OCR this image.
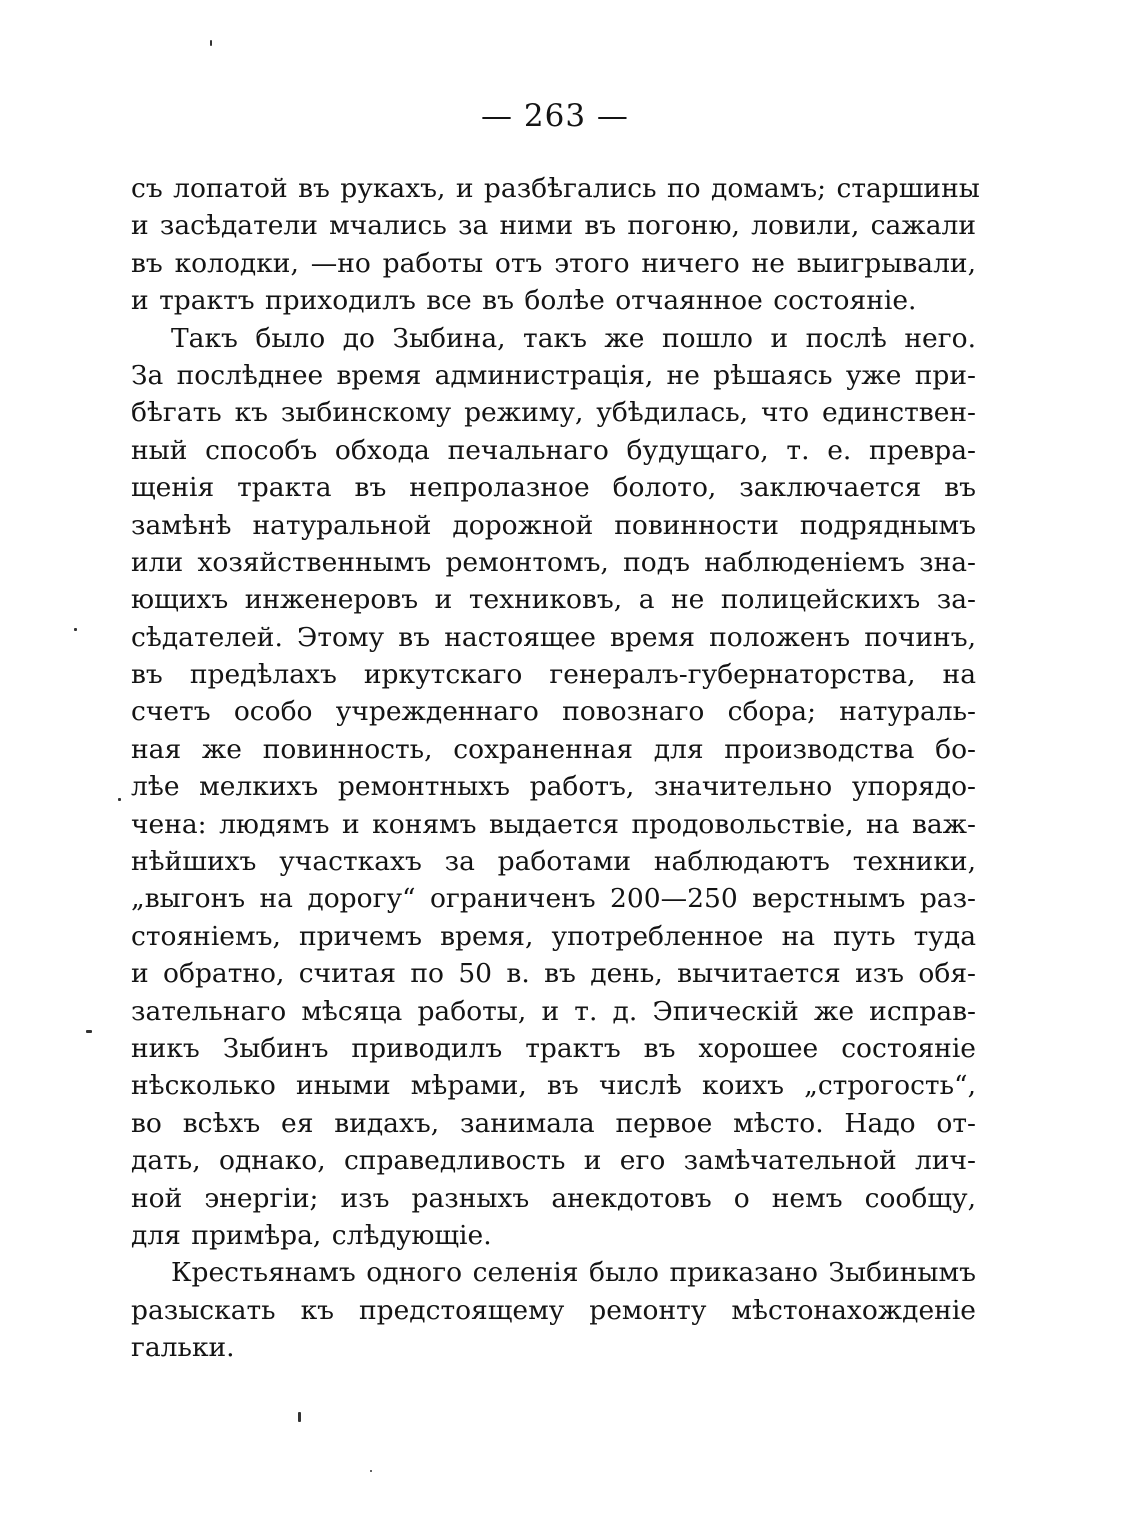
— 263 —
съ лопатой въ рукахъ, и разбѣгались по домамъ; старшины
и засѣдатели мчались за ними въ погоню, ловили, сажали
въ колодки, —но работы отъ этого ничего не выигрывали,
и трактъ приходилъ все въ болѣе отчаянное состояніе.
Такъ было до Зыбина, такъ же пошло и послѣ него.
За послѣднее время администрація, не рѣшаясь уже при-
бѣгать къ зыбинскому режиму, убѣдилась, что единствен-
ный способъ обхода печальнаго будущаго, т. е. превра-
щенія тракта въ непролазное болото, заключается въ
замѣнѣ натуральной дорожной повинности подряднымъ
или хозяйственнымъ ремонтомъ, подъ наблюденіемъ зна-
ющихъ инженеровъ и техниковъ, а не полицейскихъ за-
сѣдателей. Этому въ настоящее время положенъ починъ,
въ предѣлахъ иркутскаго генералъ-губернаторства, на
счетъ особо учрежденнаго повознаго сбора; натураль-
ная же повинность, сохраненная для производства бо-
лѣе мелкихъ ремонтныхъ работъ, значительно упорядо-
чена: людямъ и конямъ выдается продовольствіе, на важ-
нѣйшихъ участкахъ за работами наблюдаютъ техники,
„выгонъ на дорогу“ ограниченъ 200—250 верстнымъ раз-
стояніемъ, причемъ время, употребленное на путь туда
и обратно, считая по 50 в. въ день, вычитается изъ обя-
зательнаго мѣсяца работы, и т. д. Эпическій же исправ-
никъ Зыбинъ приводилъ трактъ въ хорошее состояніе
нѣсколько иными мѣрами, въ числѣ коихъ „строгость“,
во всѣхъ ея видахъ, занимала первое мѣсто. Надо от-
дать, однако, справедливость и его замѣчательной лич-
ной энергіи; изъ разныхъ анекдотовъ о немъ сообщу,
для примѣра, слѣдующіе.
Крестьянамъ одного селенія было приказано Зыбинымъ
разыскать къ предстоящему ремонту мѣстонахожденіе
гальки.
